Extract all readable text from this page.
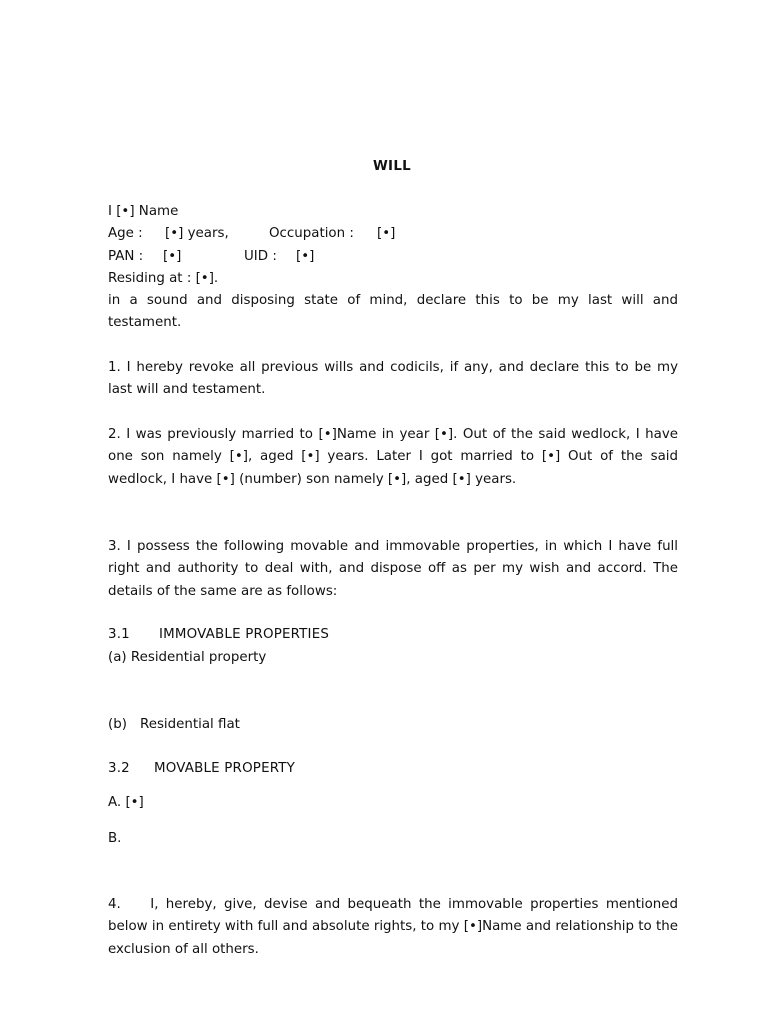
WILL
I [•] Name
Age : [•] years,	Occupation : [•]
PAN : [•]	UID : [•]
Residing at : [•].
in a sound and disposing state of mind, declare this to be my last will and testament.
1. I hereby revoke all previous wills and codicils, if any, and declare this to be my last will and testament.
2. I was previously married to [•]Name in year [•]. Out of the said wedlock, I have one son namely [•], aged [•] years. Later I got married to [•] Out of the said wedlock, I have [•] (number) son namely [•], aged [•] years.
3. I possess the following movable and immovable properties, in which I have full right and authority to deal with, and dispose off as per my wish and accord. The details of the same are as follows:
3.1 IMMOVABLE PROPERTIES
(a) Residential property
(b) Residential flat
3.2 MOVABLE PROPERTY
A. [•]
B.
4.    I, hereby, give, devise and bequeath the immovable properties mentioned below in entirety with full and absolute rights, to my [•]Name and relationship to the exclusion of all others.
